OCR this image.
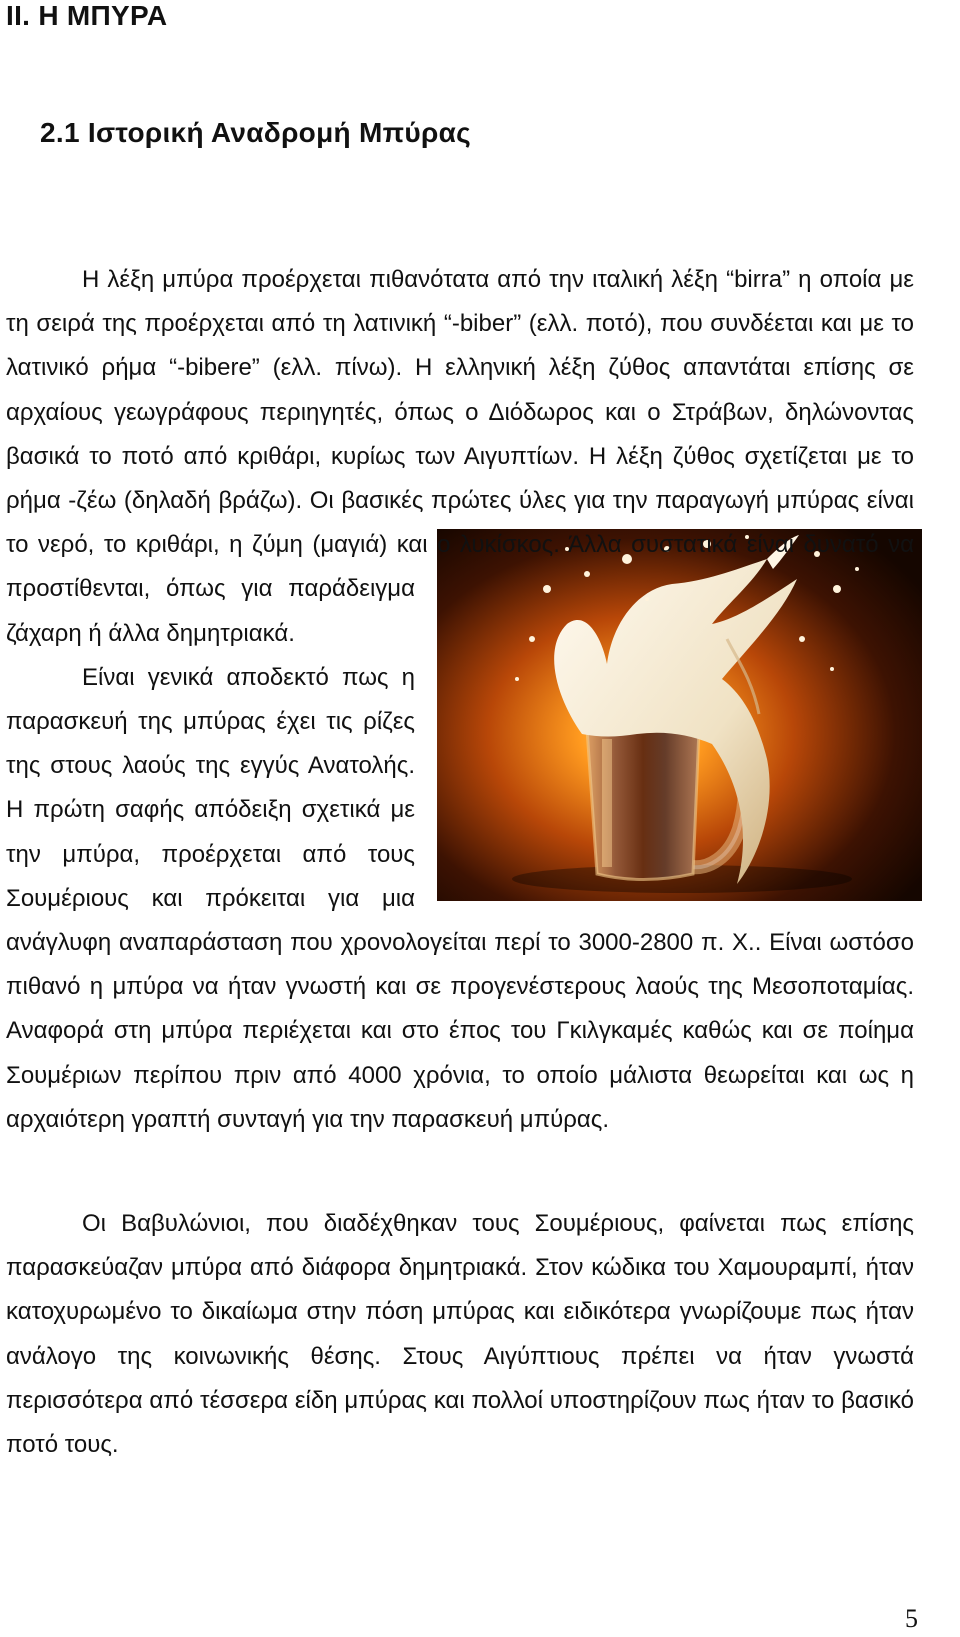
II. Η ΜΠΥΡΑ
2.1 Ιστορική Αναδρομή Μπύρας
Η λέξη μπύρα προέρχεται πιθανότατα από την ιταλική λέξη “birra” η οποία με τη σειρά της προέρχεται από τη λατινική “-biber” (ελλ. ποτό), που συνδέεται και με το λατινικό ρήμα “-bibere” (ελλ. πίνω). Η ελληνική λέξη ζύθος απαντάται επίσης σε αρχαίους γεωγράφους περιηγητές, όπως ο Διόδωρος και ο Στράβων, δηλώνοντας βασικά το ποτό από κριθάρι, κυρίως των Αιγυπτίων. Η λέξη ζύθος σχετίζεται με το ρήμα -ζέω (δηλαδή βράζω). Οι βασικές πρώτες ύλες για την παραγωγή μπύρας είναι το νερό, το κριθάρι, η ζύμη (μαγιά) και ο λυκίσκος. Άλλα συστατικά είναι δυνατό να προστίθενται, όπως για παράδειγμα ζάχαρη ή άλλα δημητριακά.
Είναι γενικά αποδεκτό πως η παρασκευή της μπύρας έχει τις ρίζες της στους λαούς της εγγύς Ανατολής. Η πρώτη σαφής απόδειξη σχετικά με την μπύρα, προέρχεται από τους Σουμέριους και πρόκειται για μια ανάγλυφη αναπαράσταση που χρονολογείται περί το 3000-2800 π. Χ.. Είναι ωστόσο πιθανό η μπύρα να ήταν γνωστή και σε προγενέστερους λαούς της Μεσοποταμίας. Αναφορά στη μπύρα περιέχεται και στο έπος του Γκιλγκαμές καθώς και σε ποίημα Σουμέριων περίπου πριν από 4000 χρόνια, το οποίο μάλιστα θεωρείται και ως η αρχαιότερη γραπτή συνταγή για την παρασκευή μπύρας.

Οι Βαβυλώνιοι, που διαδέχθηκαν τους Σουμέριους, φαίνεται πως επίσης παρασκεύαζαν μπύρα από διάφορα δημητριακά. Στον κώδικα του Χαμουραμπί, ήταν κατοχυρωμένο το δικαίωμα στην πόση μπύρας και ειδικότερα γνωρίζουμε πως ήταν ανάλογο της κοινωνικής θέσης. Στους Αιγύπτιους πρέπει να ήταν γνωστά περισσότερα από τέσσερα είδη μπύρας και πολλοί υποστηρίζουν πως ήταν το βασικό ποτό τους.

5
